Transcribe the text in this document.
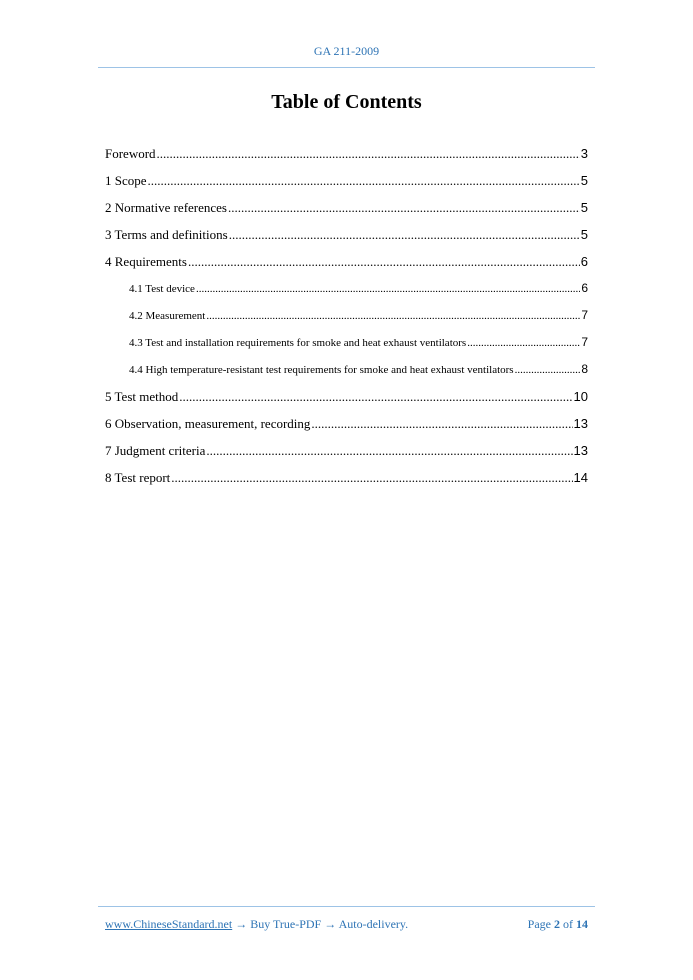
GA 211-2009
Table of Contents
Foreword .....	3
1 Scope .....	5
2 Normative references .....	5
3 Terms and definitions .....	5
4 Requirements .....	6
4.1 Test device .....	6
4.2 Measurement .....	7
4.3 Test and installation requirements for smoke and heat exhaust ventilators .....	7
4.4 High temperature-resistant test requirements for smoke and heat exhaust ventilators .....	8
5 Test method .....	10
6 Observation, measurement, recording .....	13
7 Judgment criteria .....	13
8 Test report .....	14
www.ChineseStandard.net → Buy True-PDF → Auto-delivery.	Page 2 of 14
